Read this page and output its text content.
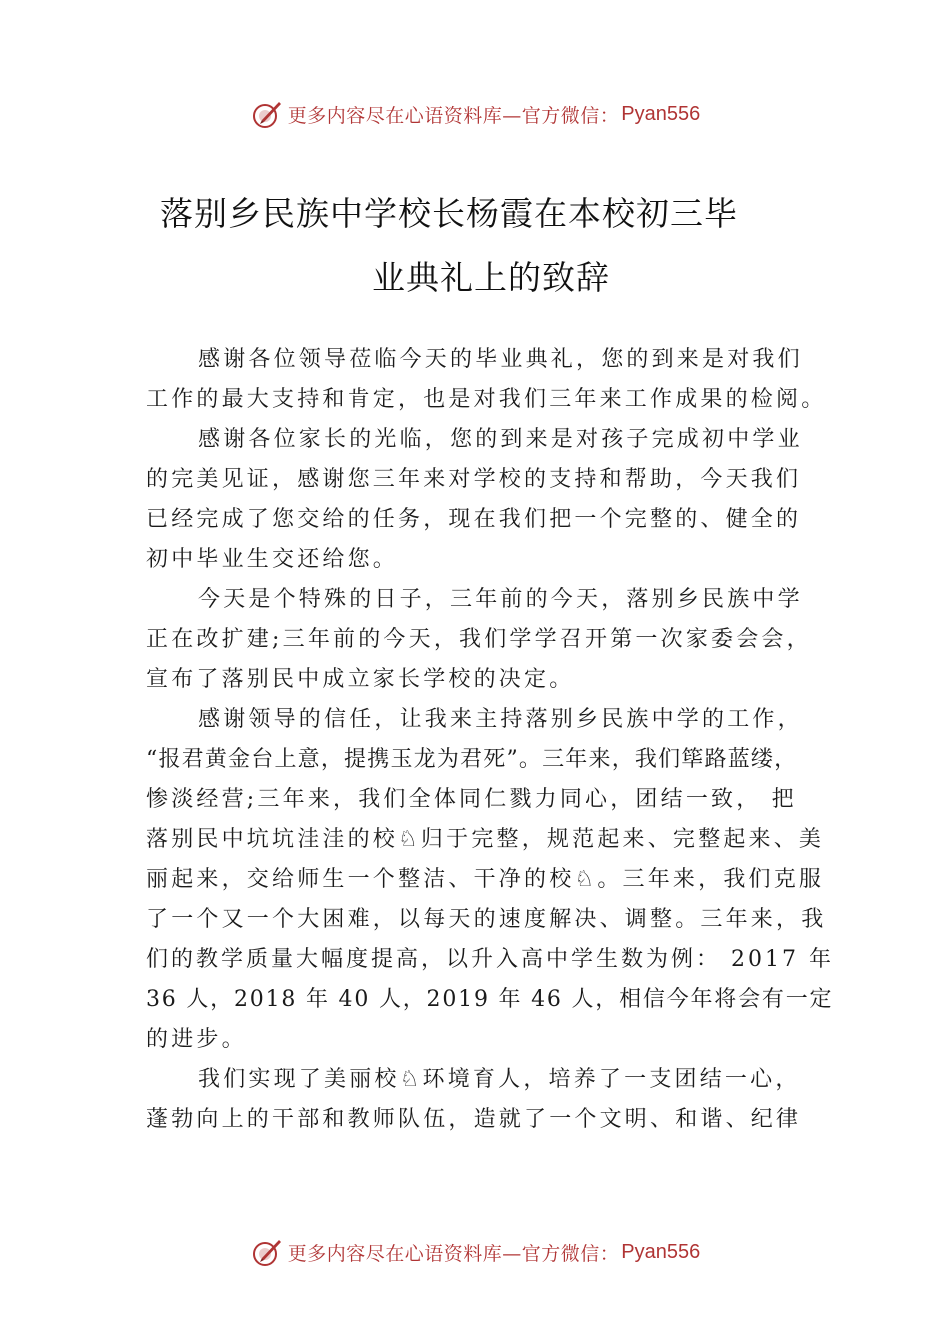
更多内容尽在心语资料库—官方微信： Pyan556
落别乡民族中学校长杨霞在本校初三毕
业典礼上的致辞

感谢各位领导莅临今天的毕业典礼，您的到来是对我们
工作的最大支持和肯定，也是对我们三年来工作成果的检阅。

感谢各位家长的光临，您的到来是对孩子完成初中学业
的完美见证，感谢您三年来对学校的支持和帮助，今天我们
已经完成了您交给的任务，现在我们把一个完整的、健全的
初中毕业生交还给您。

今天是个特殊的日子，三年前的今天，落别乡民族中学
正在改扩建;三年前的今天，我们学学召开第一次家委会会，
宣布了落别民中成立家长学校的决定。

感谢领导的信任，让我来主持落别乡民族中学的工作，
“报君黄金台上意，提携玉龙为君死”。三年来，我们筚路蓝缕，
惨淡经营;三年来，我们全体同仁戮力同心，团结一致， 把
落别民中坑坑洼洼的校♘归于完整，规范起来、完整起来、美
丽起来，交给师生一个整洁、干净的校♘。三年来，我们克服
了一个又一个大困难，以每天的速度解决、调整。三年来，我
们的教学质量大幅度提高，以升入高中学生数为例： 2017 年
36 人，2018 年 40 人，2019 年 46 人，相信今年将会有一定
的进步。

我们实现了美丽校♘环境育人，培养了一支团结一心，
蓬勃向上的干部和教师队伍，造就了一个文明、和谐、纪律

更多内容尽在心语资料库—官方微信： Pyan556
